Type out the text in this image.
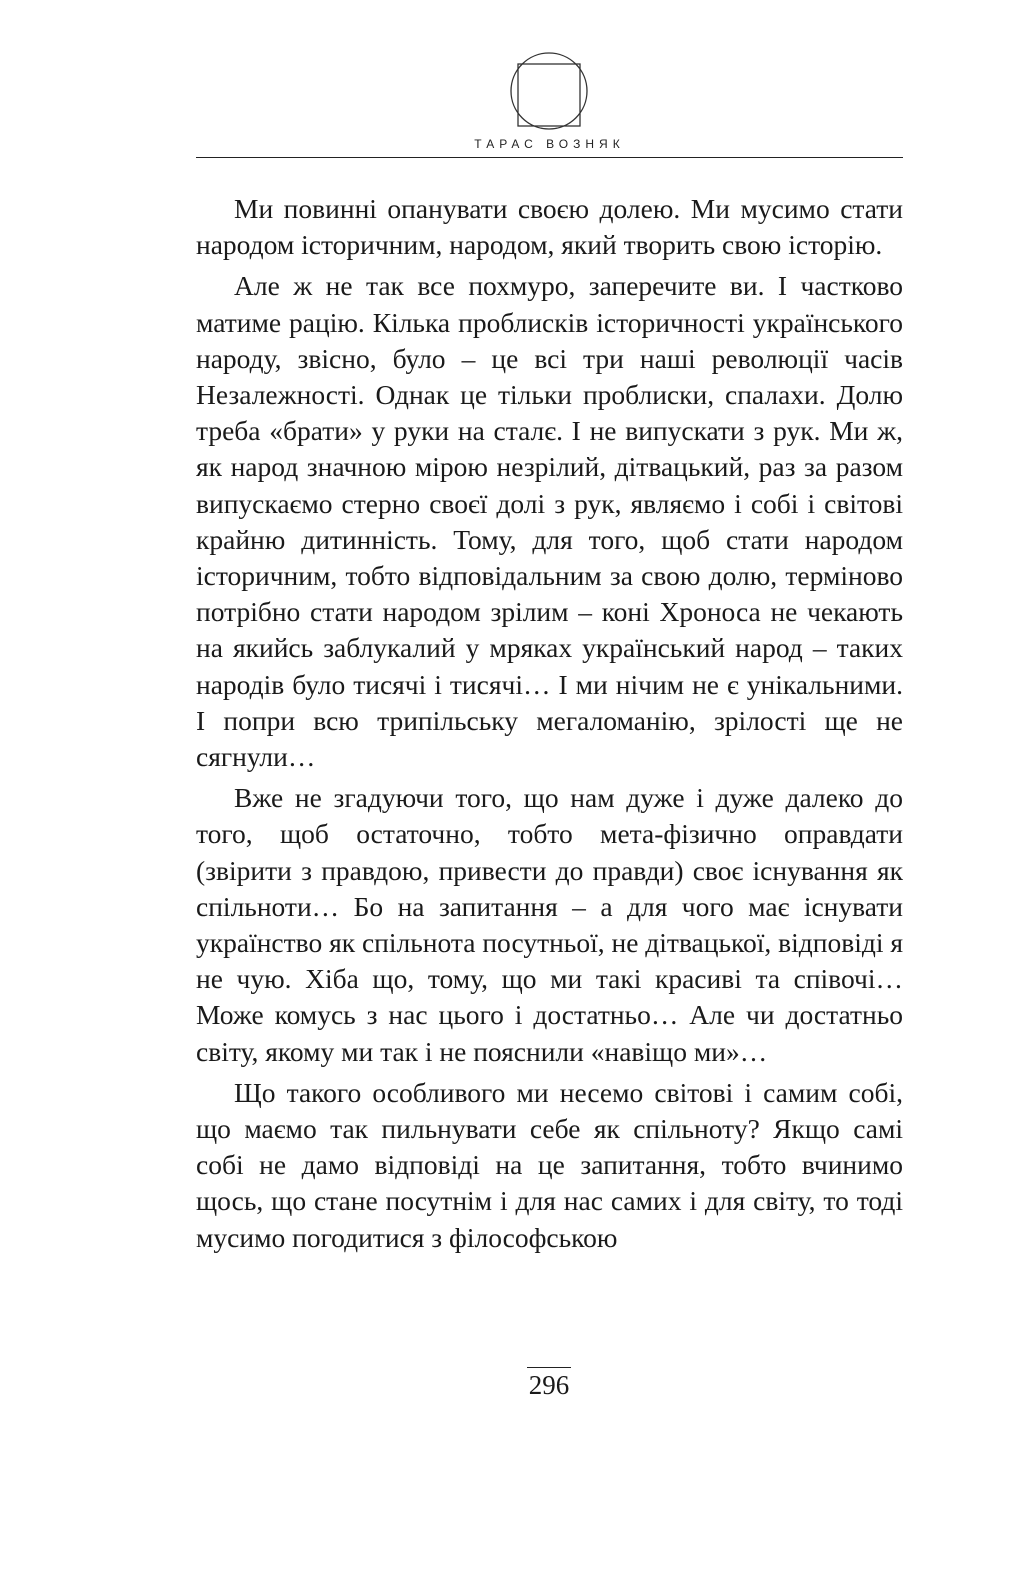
ТАРАС ВОЗНЯК

Ми повинні опанувати своєю долею. Ми мусимо стати народом історичним, народом, який творить свою історію.

Але ж не так все похмуро, заперечите ви. І частково матиме рацію. Кілька проблисків історичності українського народу, звісно, було – це всі три наші революції часів Незалежності. Однак це тільки проблиски, спалахи. Долю треба «брати» у руки на сталє. І не випускати з рук. Ми ж, як народ значною мірою незрілий, дітвацький, раз за разом випускаємо стерно своєї долі з рук, являємо і собі і світові крайню дитинність. Тому, для того, щоб стати народом історичним, тобто відповідальним за свою долю, терміново потрібно стати народом зрілим – коні Хроноса не чекають на якийсь заблукалий у мряках український народ – таких народів було тисячі і тисячі… І ми нічим не є унікальними. І попри всю трипільську мегаломанію, зрілості ще не сягнули…

Вже не згадуючи того, що нам дуже і дуже далеко до того, щоб остаточно, тобто мета-фізично оправдати (звірити з правдою, привести до правди) своє існування як спільноти… Бо на запитання – а для чого має існувати українство як спільнота посутньої, не дітвацької, відповіді я не чую. Хіба що, тому, що ми такі красиві та співочі… Може комусь з нас цього і достатньо… Але чи достатньо світу, якому ми так і не пояснили «навіщо ми»…

Що такого особливого ми несемо світові і самим собі, що маємо так пильнувати себе як спільноту? Якщо самі собі не дамо відповіді на це запитання, тобто вчинимо щось, що стане посутнім і для нас самих і для світу, то тоді мусимо погодитися з філософською

296
